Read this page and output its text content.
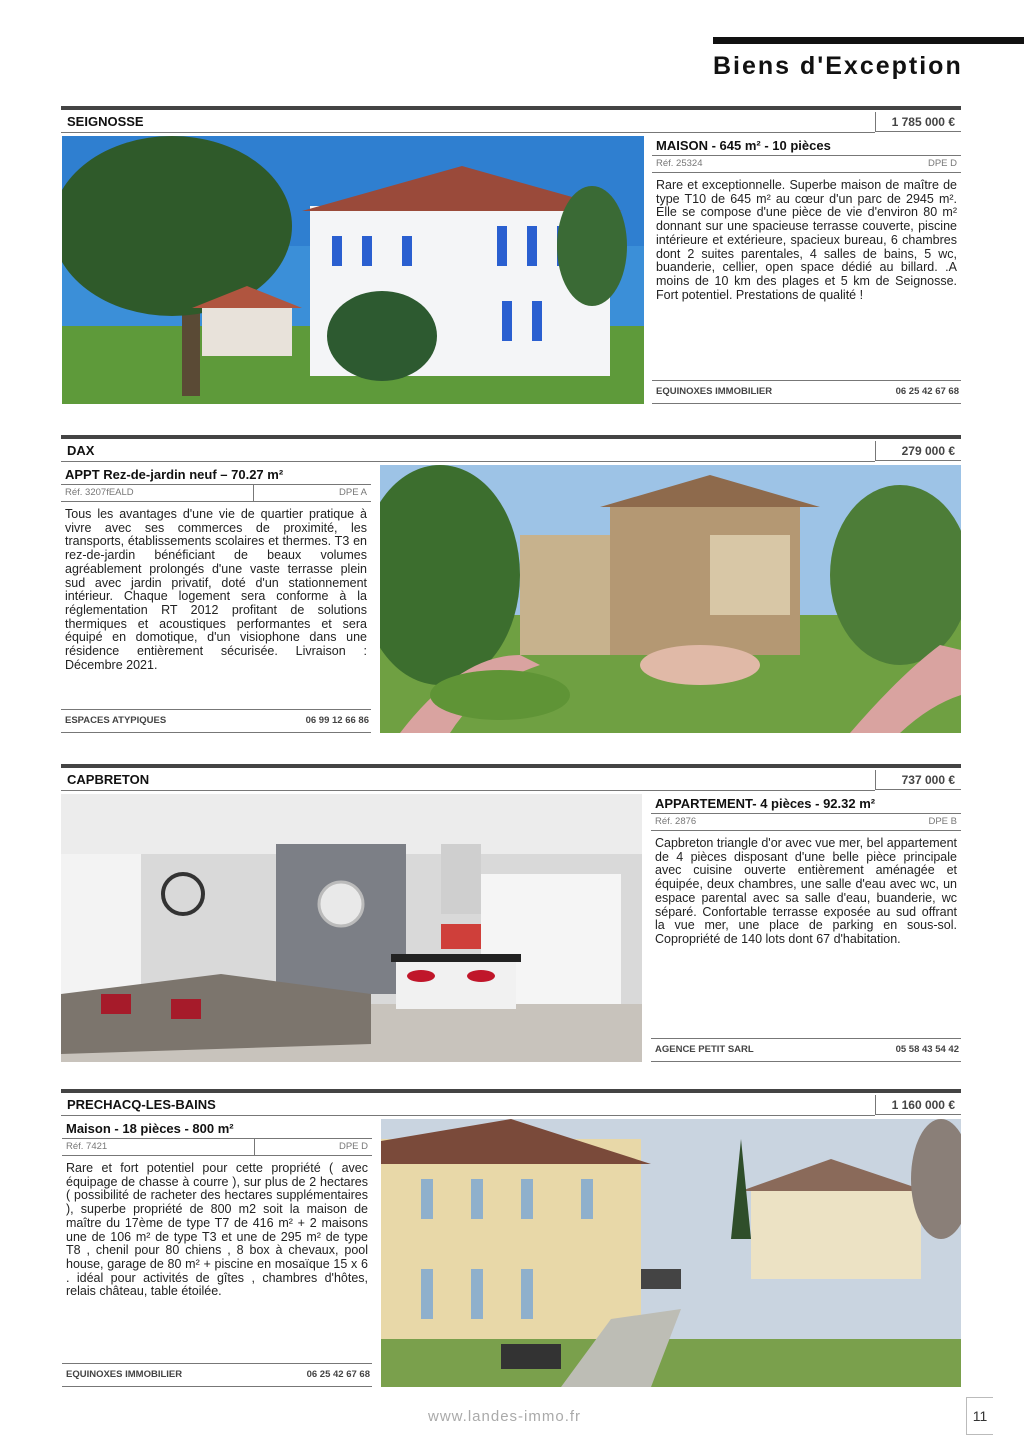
Biens d'Exception
SEIGNOSSE	1 785 000 €
MAISON - 645 m² - 10 pièces
Réf. 25324	DPE D
Rare et exceptionnelle. Superbe maison de maître de type T10 de 645 m² au cœur d'un parc de 2945 m². Elle se compose d'une pièce de vie d'environ 80 m² donnant sur une spacieuse terrasse couverte, piscine intérieure et extérieure, spacieux bureau, 6 chambres dont 2 suites parentales, 4 salles de bains, 5 wc, buanderie, cellier, open space dédié au billard. .A moins de 10 km des plages et 5 km de Seignosse. Fort potentiel. Prestations de qualité !
EQUINOXES IMMOBILIER	06 25 42 67 68
DAX	279 000 €
APPT Rez-de-jardin neuf – 70.27 m²
Réf. 3207fEALD	DPE A
Tous les avantages d'une vie de quartier pratique à vivre avec ses commerces de proximité, les transports, établissements scolaires et thermes. T3 en rez-de-jardin bénéficiant de beaux volumes agréablement prolongés d'une vaste terrasse plein sud avec jardin privatif, doté d'un stationnement intérieur. Chaque logement sera conforme à la réglementation RT 2012 profitant de solutions thermiques et acoustiques performantes et sera équipé en domotique, d'un visiophone dans une résidence entièrement sécurisée. Livraison : Décembre 2021.
ESPACES ATYPIQUES	06 99 12 66 86
CAPBRETON	737 000 €
APPARTEMENT- 4 pièces - 92.32 m²
Réf. 2876	DPE B
Capbreton triangle d'or avec vue mer, bel appartement de 4 pièces disposant d'une belle pièce principale avec cuisine ouverte entièrement aménagée et équipée, deux chambres, une salle d'eau avec wc, un espace parental avec sa salle d'eau, buanderie, wc séparé. Confortable terrasse exposée au sud offrant la vue mer, une place de parking en sous-sol. Copropriété de 140 lots dont 67 d'habitation.
AGENCE PETIT SARL	05 58 43 54 42
PRECHACQ-LES-BAINS	1 160 000 €
Maison - 18 pièces - 800 m²
Réf. 7421	DPE D
Rare et fort potentiel pour cette propriété ( avec équipage de chasse à courre ), sur plus de 2 hectares ( possibilité de racheter des hectares supplémentaires ), superbe propriété de 800 m2 soit la maison de maître du 17ème de type T7 de 416 m² + 2 maisons une de 106 m² de type T3 et une de 295 m² de type T8 , chenil pour 80 chiens , 8 box à chevaux, pool house, garage de 80 m² + piscine en mosaïque 15 x 6 . idéal pour activités de gîtes , chambres d'hôtes, relais château, table étoilée.
EQUINOXES IMMOBILIER	06 25 42 67 68
www.landes-immo.fr	11
